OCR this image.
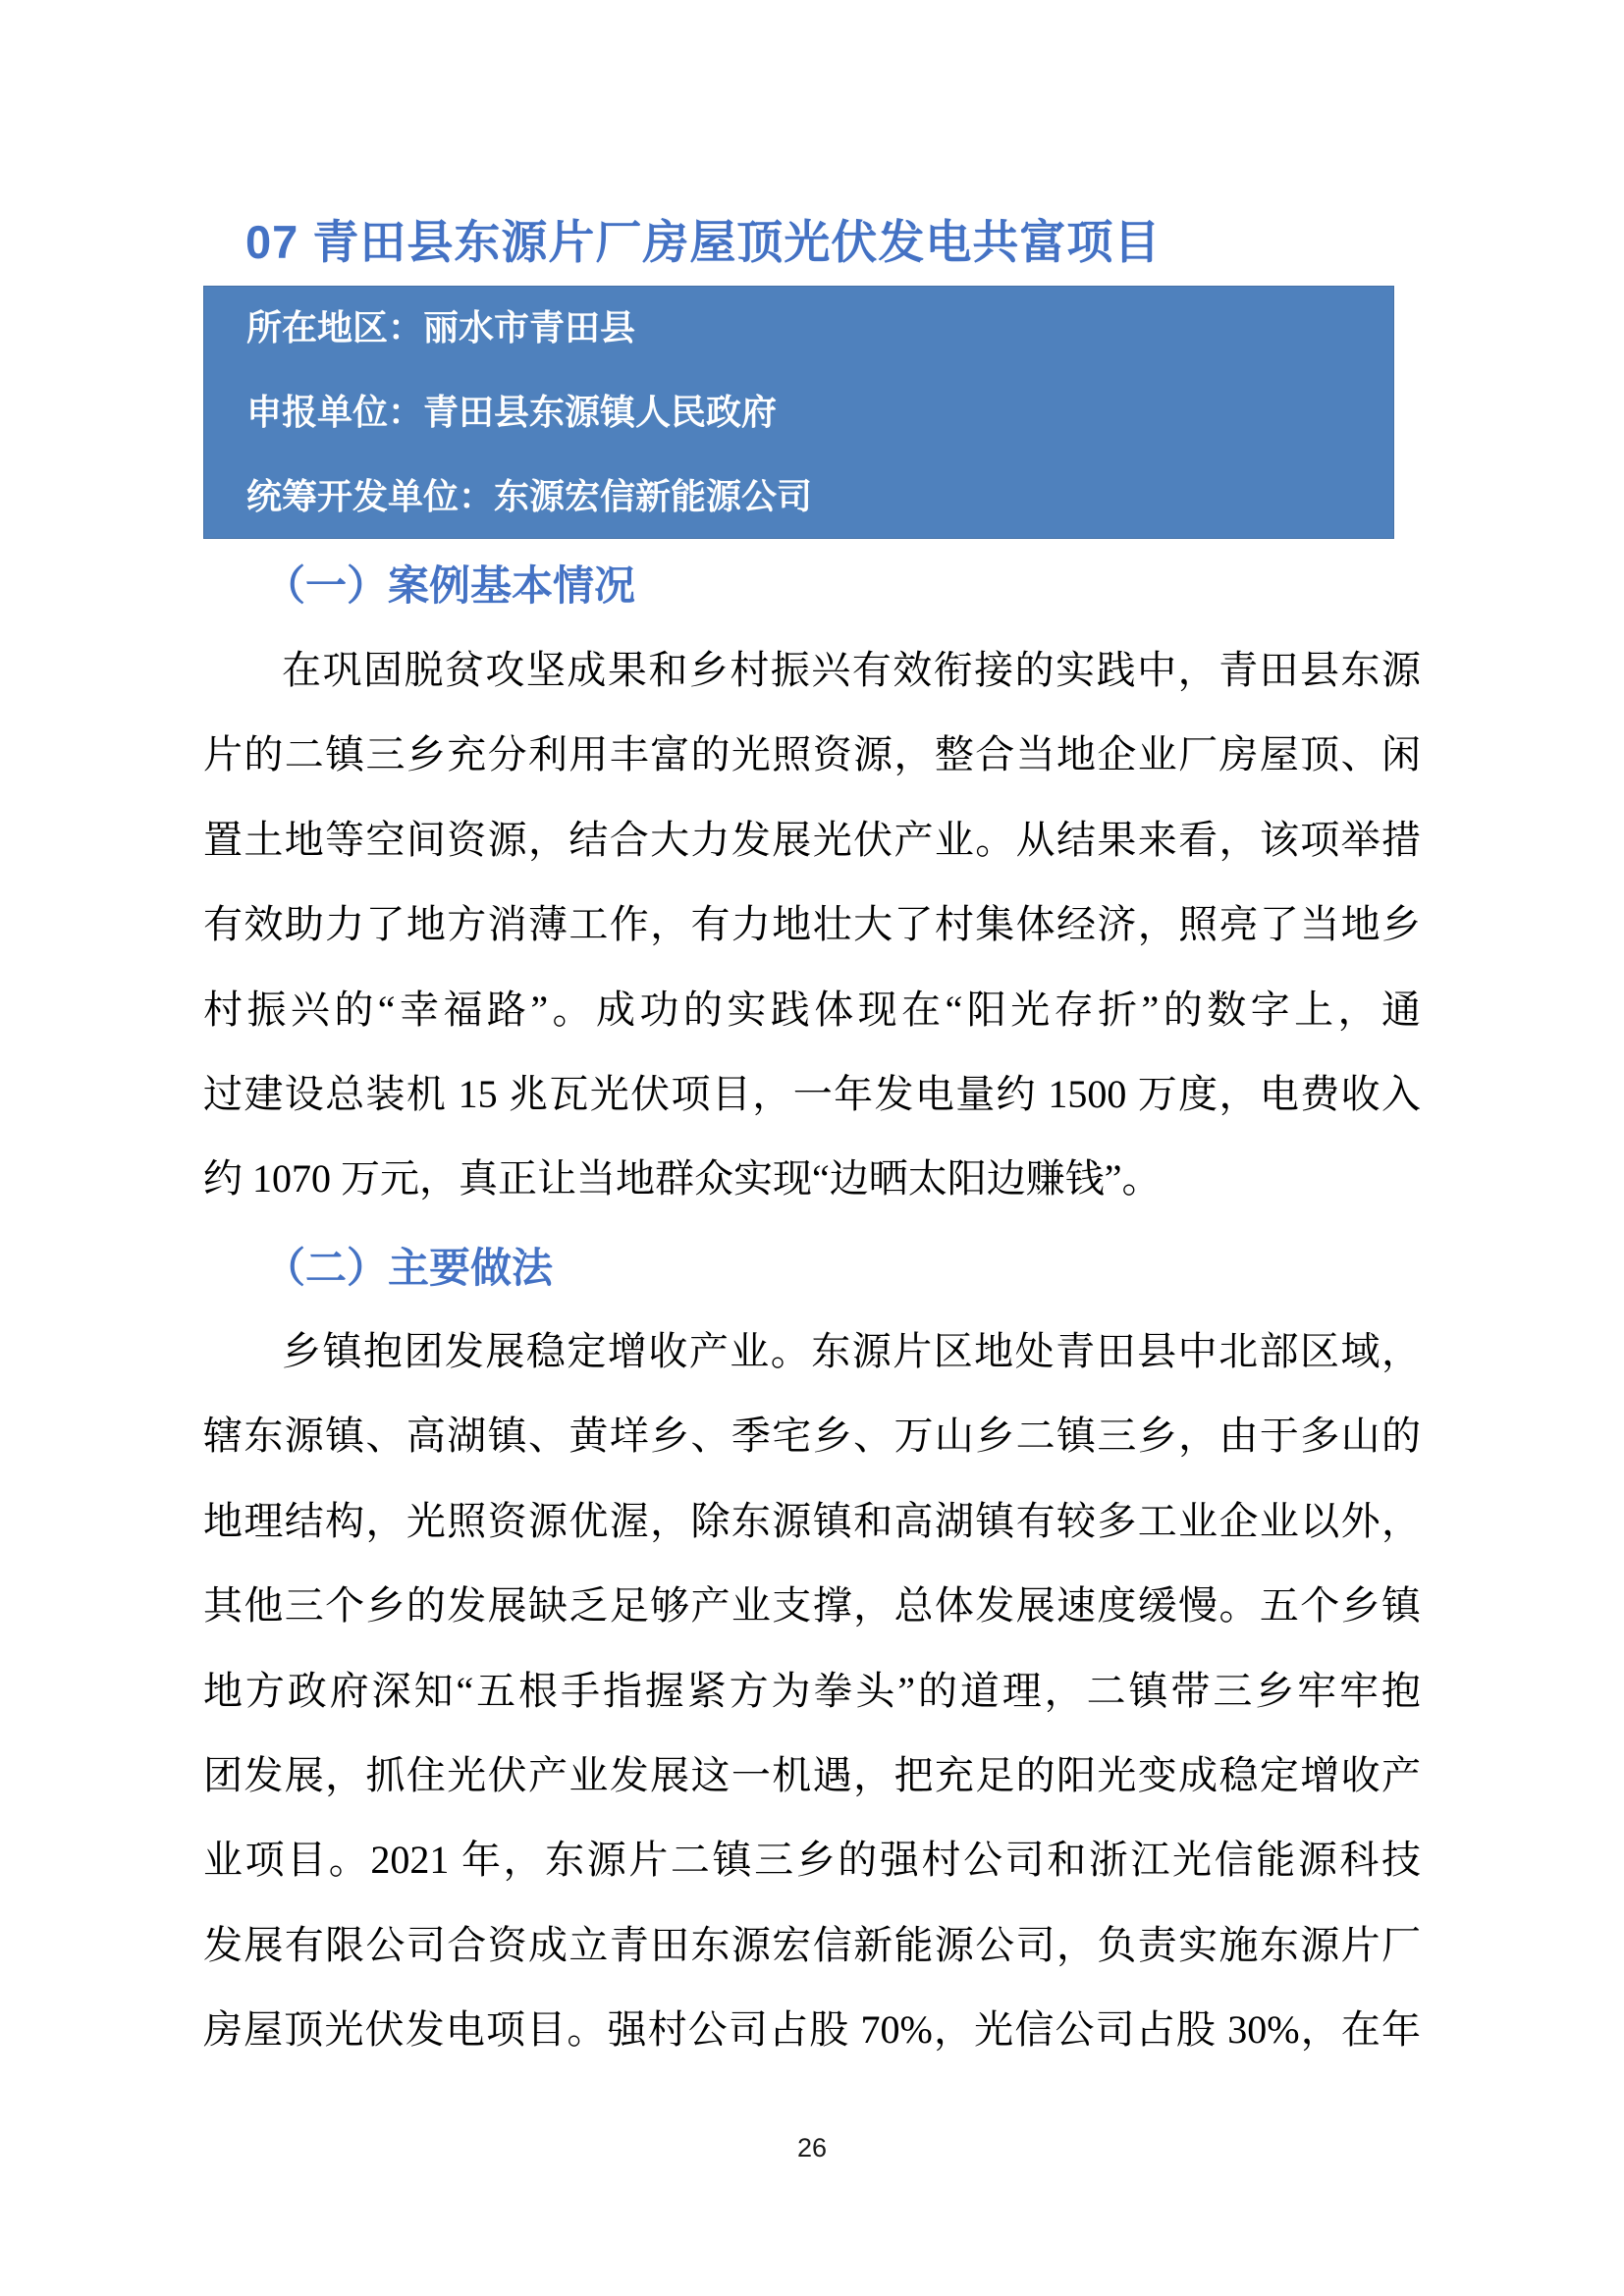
07 青田县东源片厂房屋顶光伏发电共富项目
所在地区：丽水市青田县
申报单位：青田县东源镇人民政府
统筹开发单位：东源宏信新能源公司
（一）案例基本情况
在巩固脱贫攻坚成果和乡村振兴有效衔接的实践中，青田县东源
片的二镇三乡充分利用丰富的光照资源，整合当地企业厂房屋顶、闲
置土地等空间资源，结合大力发展光伏产业。从结果来看，该项举措
有效助力了地方消薄工作，有力地壮大了村集体经济，照亮了当地乡
村振兴的“幸福路”。成功的实践体现在“阳光存折”的数字上，通
过建设总装机 15 兆瓦光伏项目，一年发电量约 1500 万度，电费收入
约 1070 万元，真正让当地群众实现“边晒太阳边赚钱”。
（二）主要做法
乡镇抱团发展稳定增收产业。东源片区地处青田县中北部区域，
辖东源镇、高湖镇、黄垟乡、季宅乡、万山乡二镇三乡，由于多山的
地理结构，光照资源优渥，除东源镇和高湖镇有较多工业企业以外，
其他三个乡的发展缺乏足够产业支撑，总体发展速度缓慢。五个乡镇
地方政府深知“五根手指握紧方为拳头”的道理，二镇带三乡牢牢抱
团发展，抓住光伏产业发展这一机遇，把充足的阳光变成稳定增收产
业项目。2021 年，东源片二镇三乡的强村公司和浙江光信能源科技
发展有限公司合资成立青田东源宏信新能源公司，负责实施东源片厂
房屋顶光伏发电项目。强村公司占股 70%，光信公司占股 30%，在年
26
